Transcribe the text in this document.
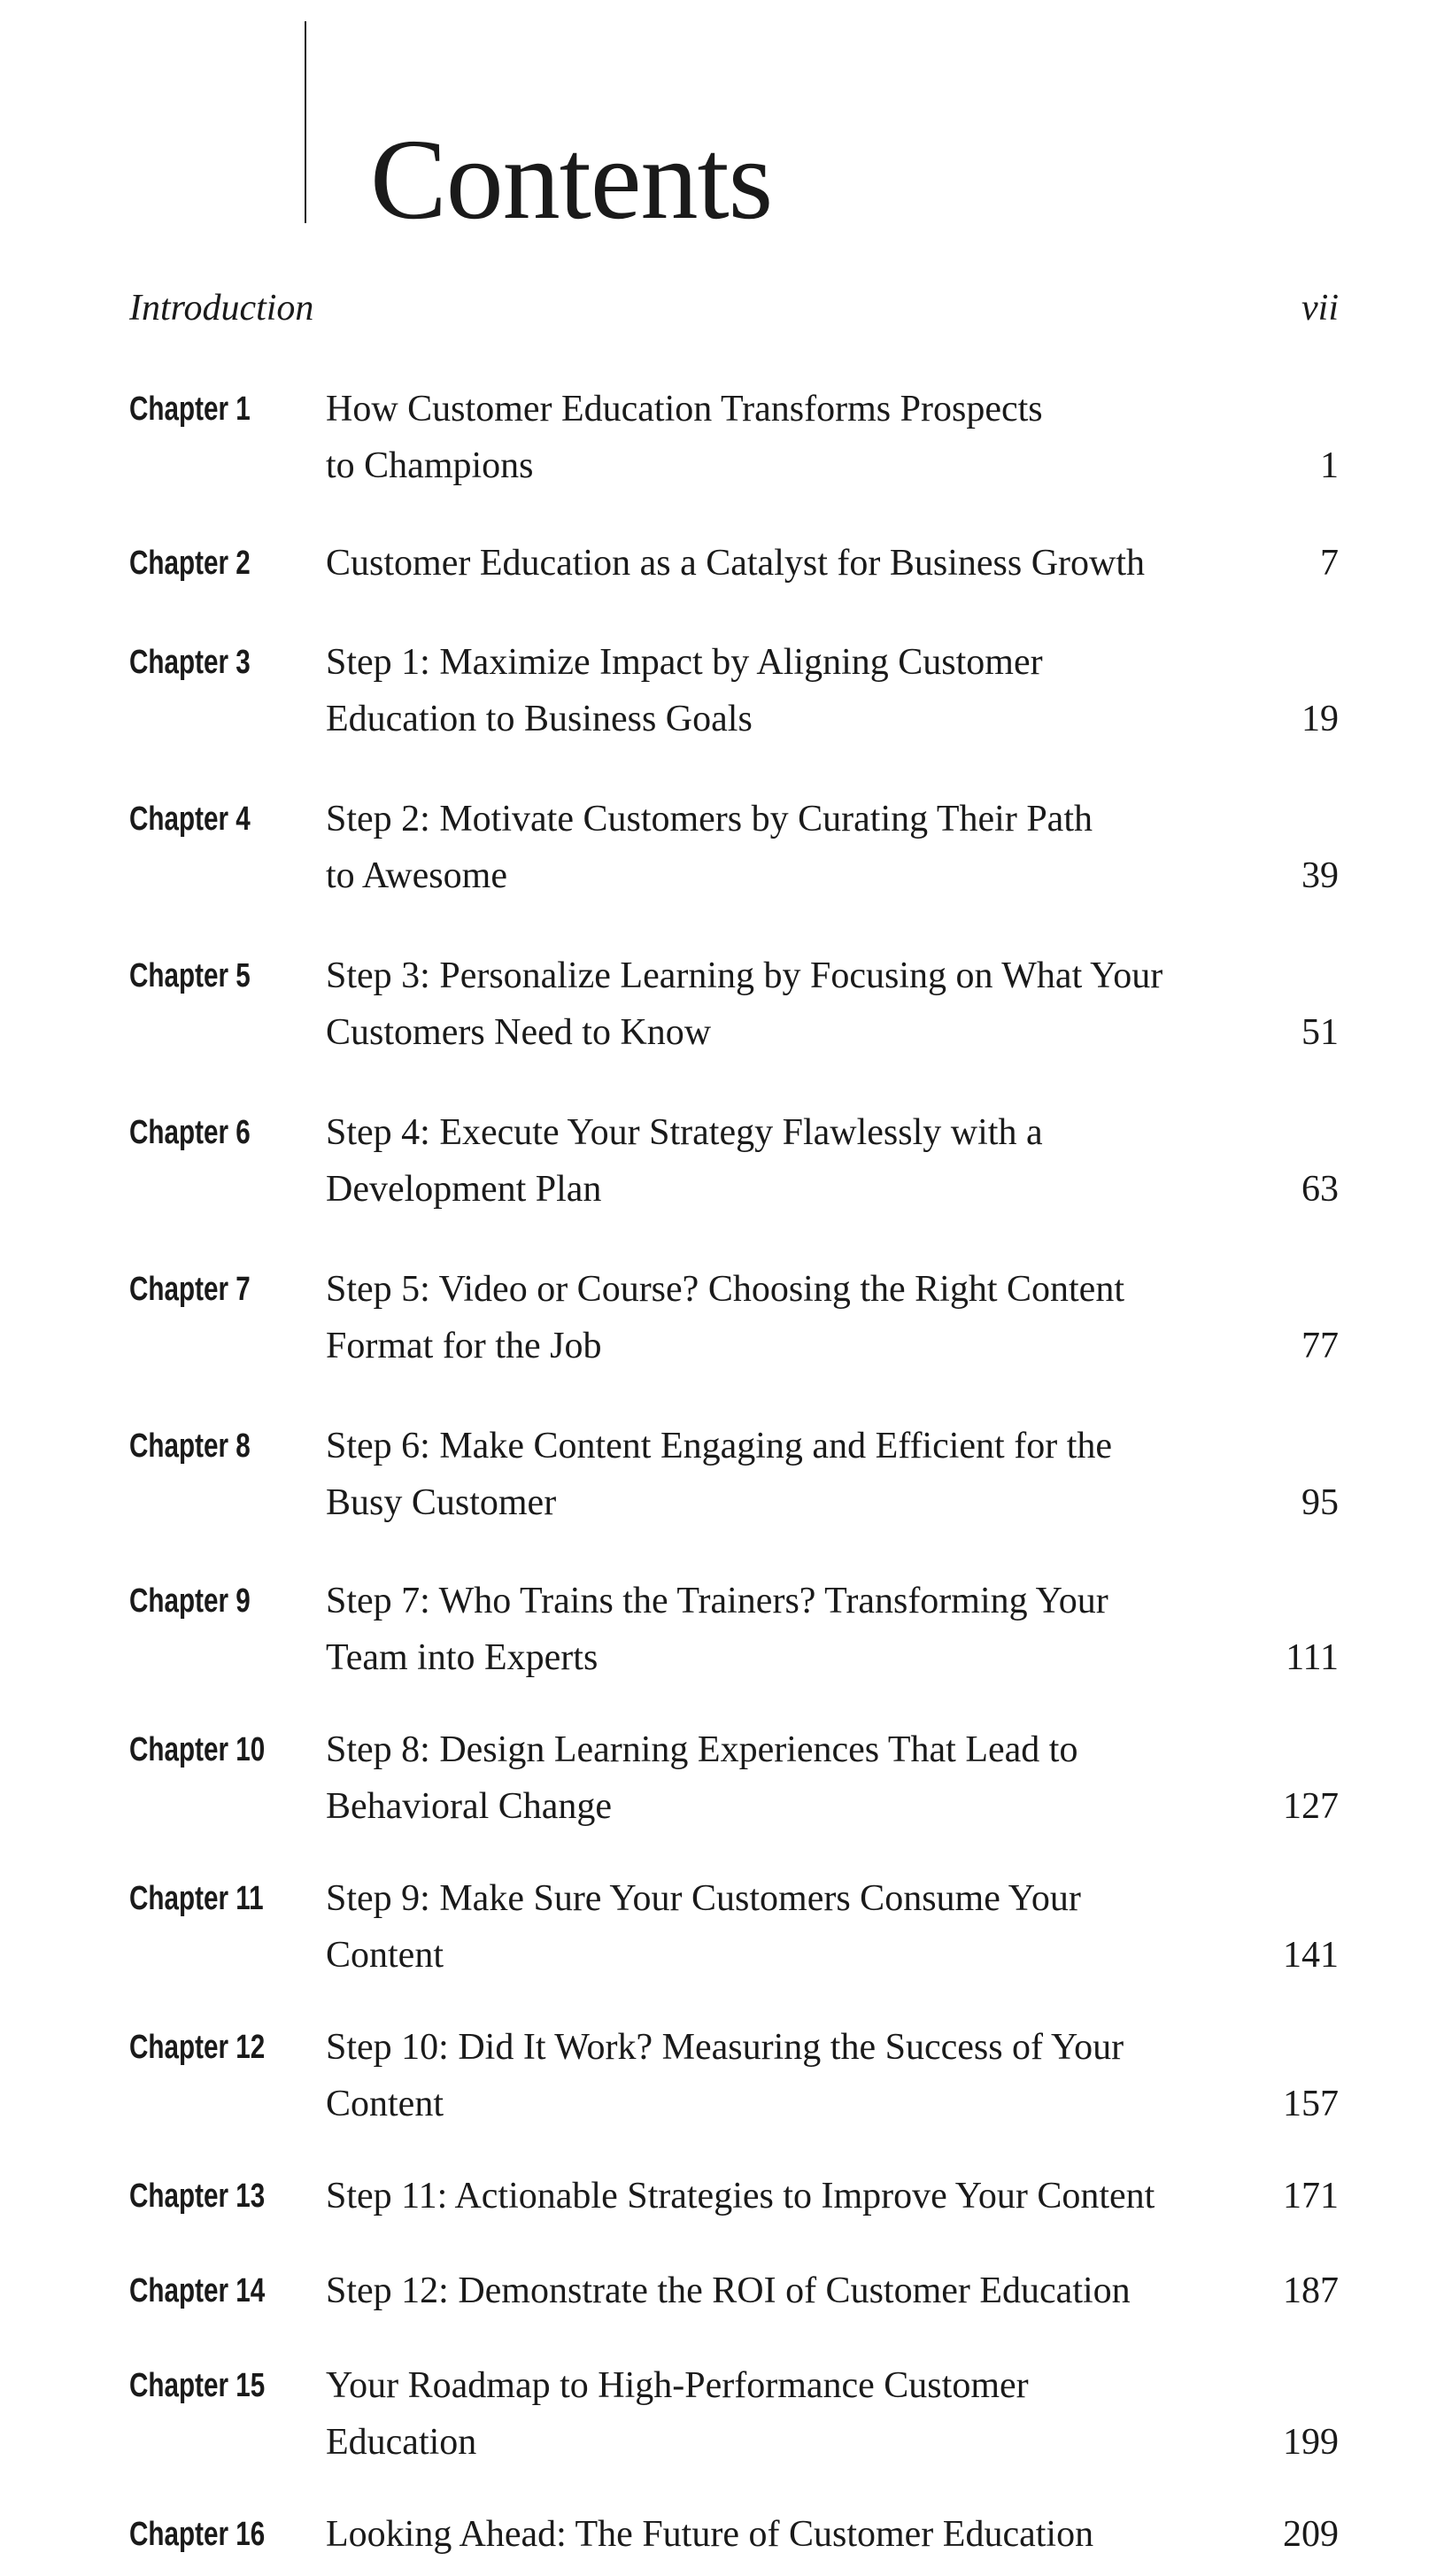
Contents
Introduction	vii
Chapter 1 How Customer Education Transforms Prospects
to Champions	1
Chapter 2 Customer Education as a Catalyst for Business Growth	7
Chapter 3 Step 1: Maximize Impact by Aligning Customer
Education to Business Goals	19
Chapter 4 Step 2: Motivate Customers by Curating Their Path
to Awesome	39
Chapter 5 Step 3: Personalize Learning by Focusing on What Your
Customers Need to Know	51
Chapter 6 Step 4: Execute Your Strategy Flawlessly with a
Development Plan	63
Chapter 7 Step 5: Video or Course? Choosing the Right Content
Format for the Job	77
Chapter 8 Step 6: Make Content Engaging and Efficient for the
Busy Customer	95
Chapter 9 Step 7: Who Trains the Trainers? Transforming Your
Team into Experts	111
Chapter 10 Step 8: Design Learning Experiences That Lead to
Behavioral Change	127
Chapter 11 Step 9: Make Sure Your Customers Consume Your
Content	141
Chapter 12 Step 10: Did It Work? Measuring the Success of Your
Content	157
Chapter 13 Step 11: Actionable Strategies to Improve Your Content	171
Chapter 14 Step 12: Demonstrate the ROI of Customer Education	187
Chapter 15 Your Roadmap to High-Performance Customer
Education	199
Chapter 16 Looking Ahead: The Future of Customer Education	209
